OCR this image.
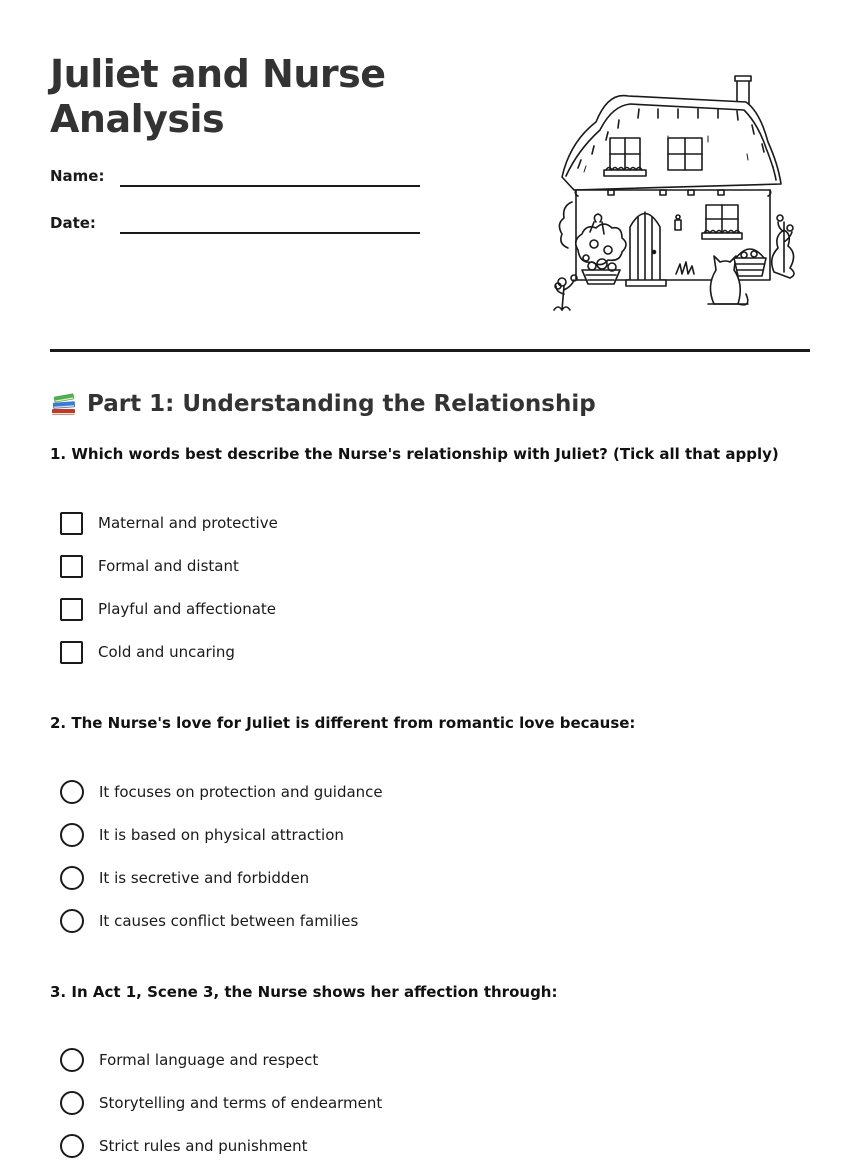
Juliet and Nurse Analysis
Name:
Date:
Part 1: Understanding the Relationship

1. Which words best describe the Nurse's relationship with Juliet? (Tick all that apply)

Maternal and protective
Formal and distant
Playful and affectionate
Cold and uncaring

2. The Nurse's love for Juliet is different from romantic love because:

It focuses on protection and guidance
It is based on physical attraction
It is secretive and forbidden
It causes conflict between families

3. In Act 1, Scene 3, the Nurse shows her affection through:

Formal language and respect
Storytelling and terms of endearment
Strict rules and punishment
